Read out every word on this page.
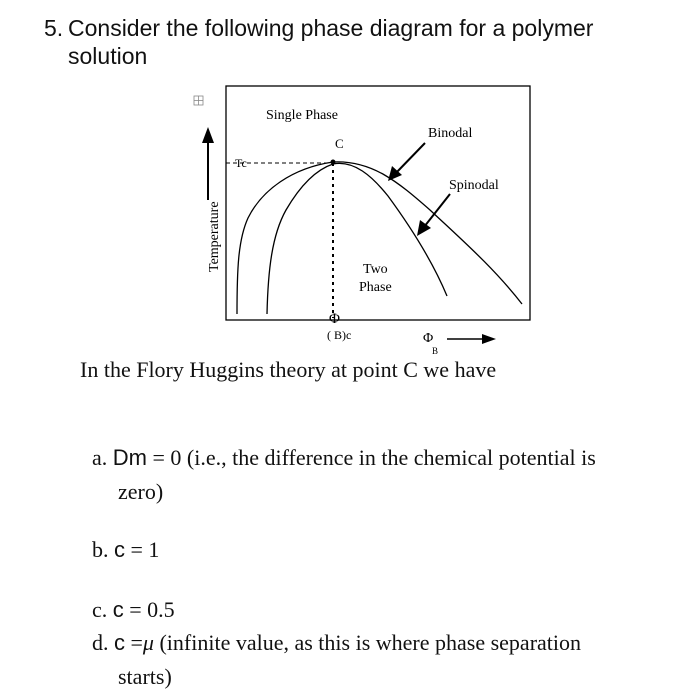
5. Consider the following phase diagram for a polymer
solution
Single Phase
C
Binodal
Spinodal
Two
Phase
Tc
Temperature
Φ
( B)c	Φ
B
In the Flory Huggins theory at point C we have
a. Dm = 0 (i.e., the difference in the chemical potential is
zero)
b. c = 1
c. c = 0.5
d. c =μ (infinite value, as this is where phase separation
starts)
